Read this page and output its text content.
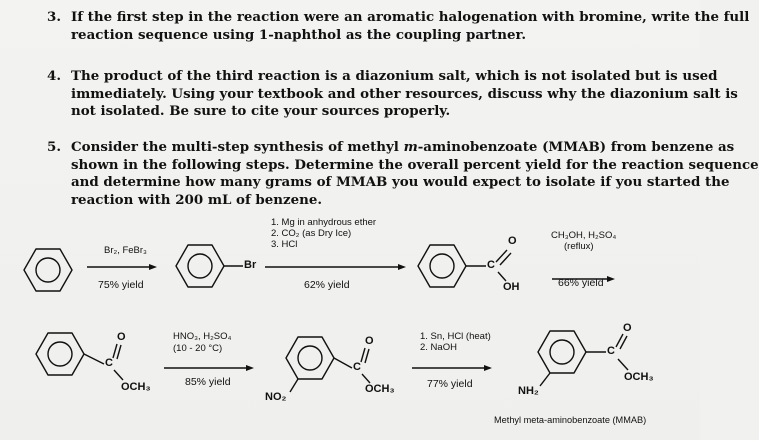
3. If the first step in the reaction were an aromatic halogenation with bromine, write the full
reaction sequence using 1-naphthol as the coupling partner.
4. The product of the third reaction is a diazonium salt, which is not isolated but is used
immediately. Using your textbook and other resources, discuss why the diazonium salt is
not isolated. Be sure to cite your sources properly.
5. Consider the multi-step synthesis of methyl m-aminobenzoate (MMAB) from benzene as
shown in the following steps. Determine the overall percent yield for the reaction sequence
and determine how many grams of MMAB you would expect to isolate if you started the
reaction with 200 mL of benzene.
Br₂, FeBr₃
75% yield
Br
1. Mg in anhydrous ether
2. CO₂ (as Dry Ice)
3. HCl
62% yield
O
C
OH
CH₃OH, H₂SO₄
(reflux)
66% yield
O
C
OCH₃
HNO₃, H₂SO₄
(10 - 20 °C)
85% yield
O
C
OCH₃
NO₂
1. Sn, HCl (heat)
2. NaOH
77% yield
O
C
OCH₃
NH₂
Methyl meta-aminobenzoate (MMAB)
